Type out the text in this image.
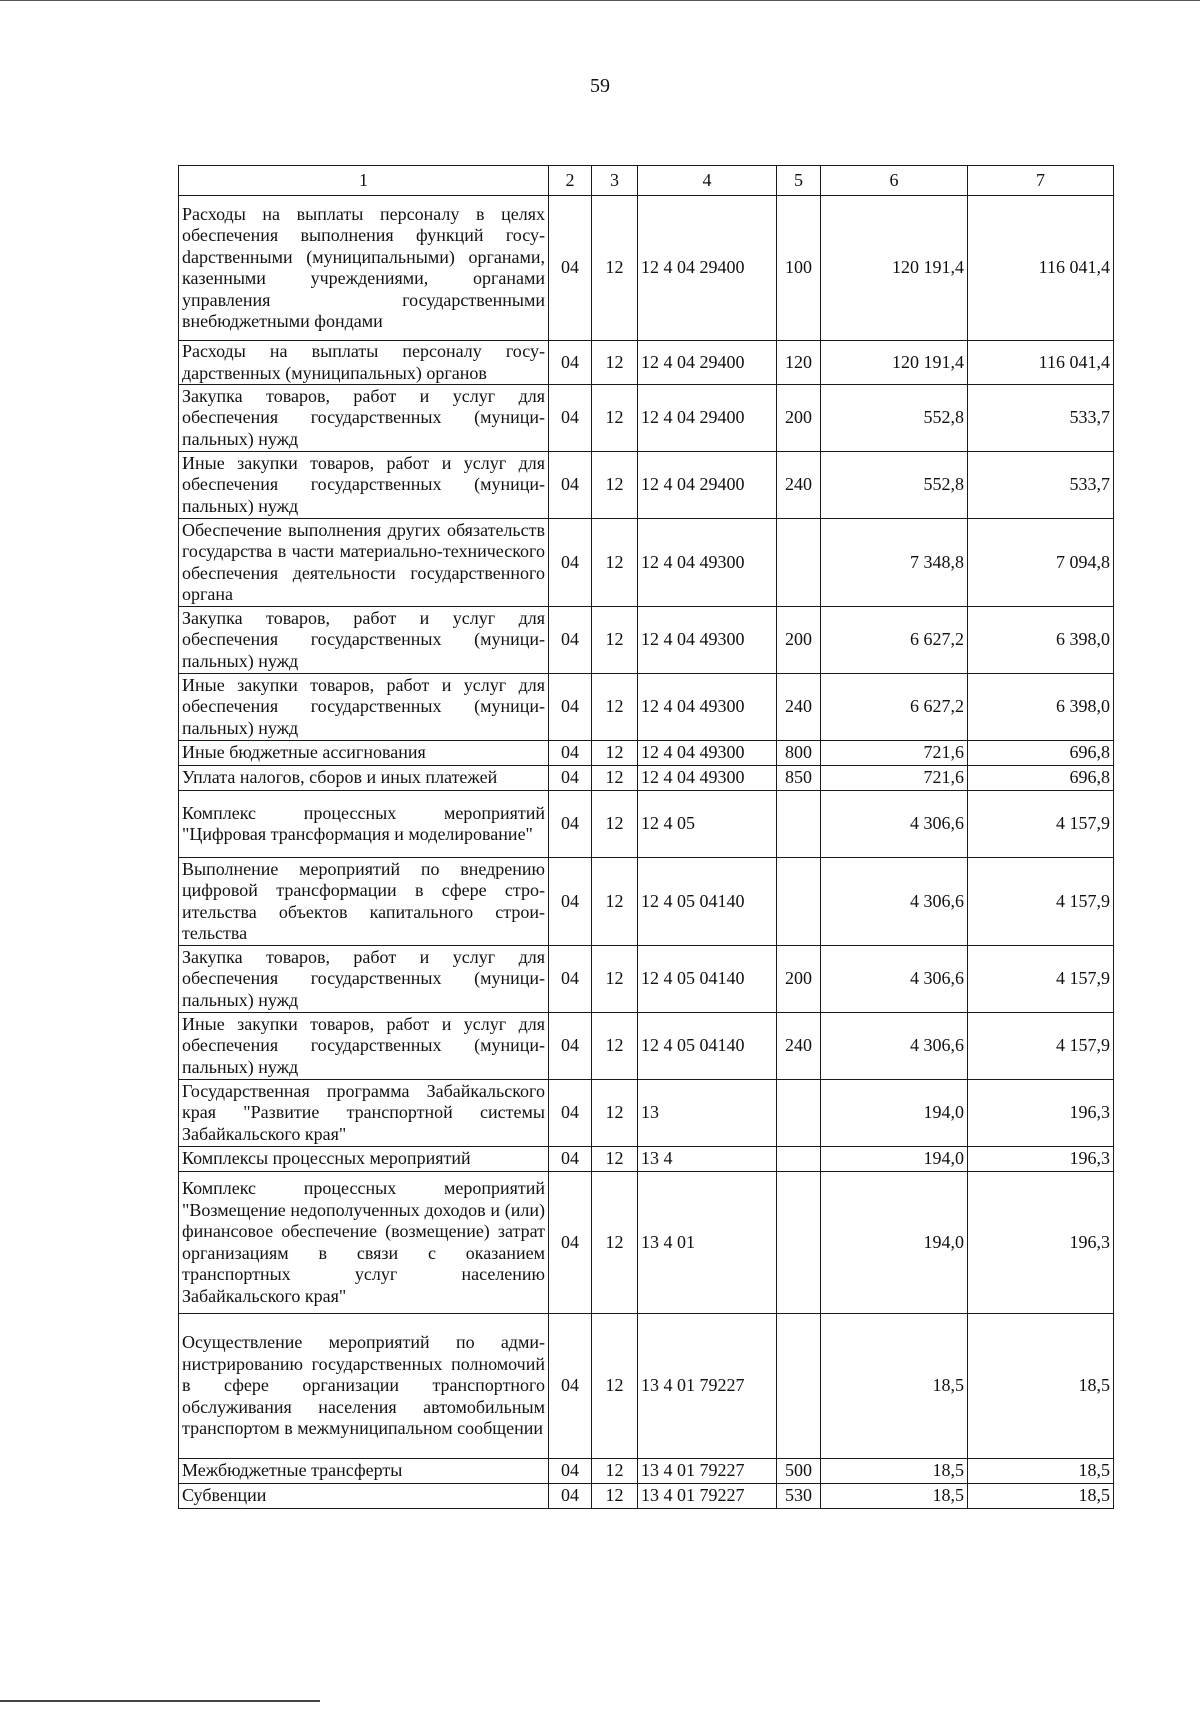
59
1	2	3	4	5	6	7
Расходы на выплаты персоналу в целях обеспечения выполнения функций госуdарственными (муниципальными) органами, казенными учреждениями, органами управления государственными внебюджетными фондами	04	12	12 4 04 29400	100	120 191,4	116 041,4
Расходы на выплаты персоналу государственных (муниципальных) органов	04	12	12 4 04 29400	120	120 191,4	116 041,4
Закупка товаров, работ и услуг для обеспечения государственных (муниципальных) нужд	04	12	12 4 04 29400	200	552,8	533,7
Иные закупки товаров, работ и услуг для обеспечения государственных (муниципальных) нужд	04	12	12 4 04 29400	240	552,8	533,7
Обеспечение выполнения других обязательств государства в части материально-технического обеспечения деятельности государственного органа	04	12	12 4 04 49300		7 348,8	7 094,8
Закупка товаров, работ и услуг для обеспечения государственных (муниципальных) нужд	04	12	12 4 04 49300	200	6 627,2	6 398,0
Иные закупки товаров, работ и услуг для обеспечения государственных (муниципальных) нужд	04	12	12 4 04 49300	240	6 627,2	6 398,0
Иные бюджетные ассигнования	04	12	12 4 04 49300	800	721,6	696,8
Уплата налогов, сборов и иных платежей	04	12	12 4 04 49300	850	721,6	696,8
Комплекс процессных мероприятий "Цифровая трансформация и моделирование"	04	12	12 4 05		4 306,6	4 157,9
Выполнение мероприятий по внедрению цифровой трансформации в сфере строительства объектов капитального строительства	04	12	12 4 05 04140		4 306,6	4 157,9
Закупка товаров, работ и услуг для обеспечения государственных (муниципальных) нужд	04	12	12 4 05 04140	200	4 306,6	4 157,9
Иные закупки товаров, работ и услуг для обеспечения государственных (муниципальных) нужд	04	12	12 4 05 04140	240	4 306,6	4 157,9
Государственная программа Забайкальского края "Развитие транспортной системы Забайкальского края"	04	12	13		194,0	196,3
Комплексы процессных мероприятий	04	12	13 4		194,0	196,3
Комплекс процессных мероприятий "Возмещение недополученных доходов и (или) финансовое обеспечение (возмещение) затрат организациям в связи с оказанием транспортных услуг населению Забайкальского края"	04	12	13 4 01		194,0	196,3
Осуществление мероприятий по администрированию государственных полномочий в сфере организации транспортного обслуживания населения автомобильным транспортом в межмуниципальном сообщении	04	12	13 4 01 79227		18,5	18,5
Межбюджетные трансферты	04	12	13 4 01 79227	500	18,5	18,5
Субвенции	04	12	13 4 01 79227	530	18,5	18,5
